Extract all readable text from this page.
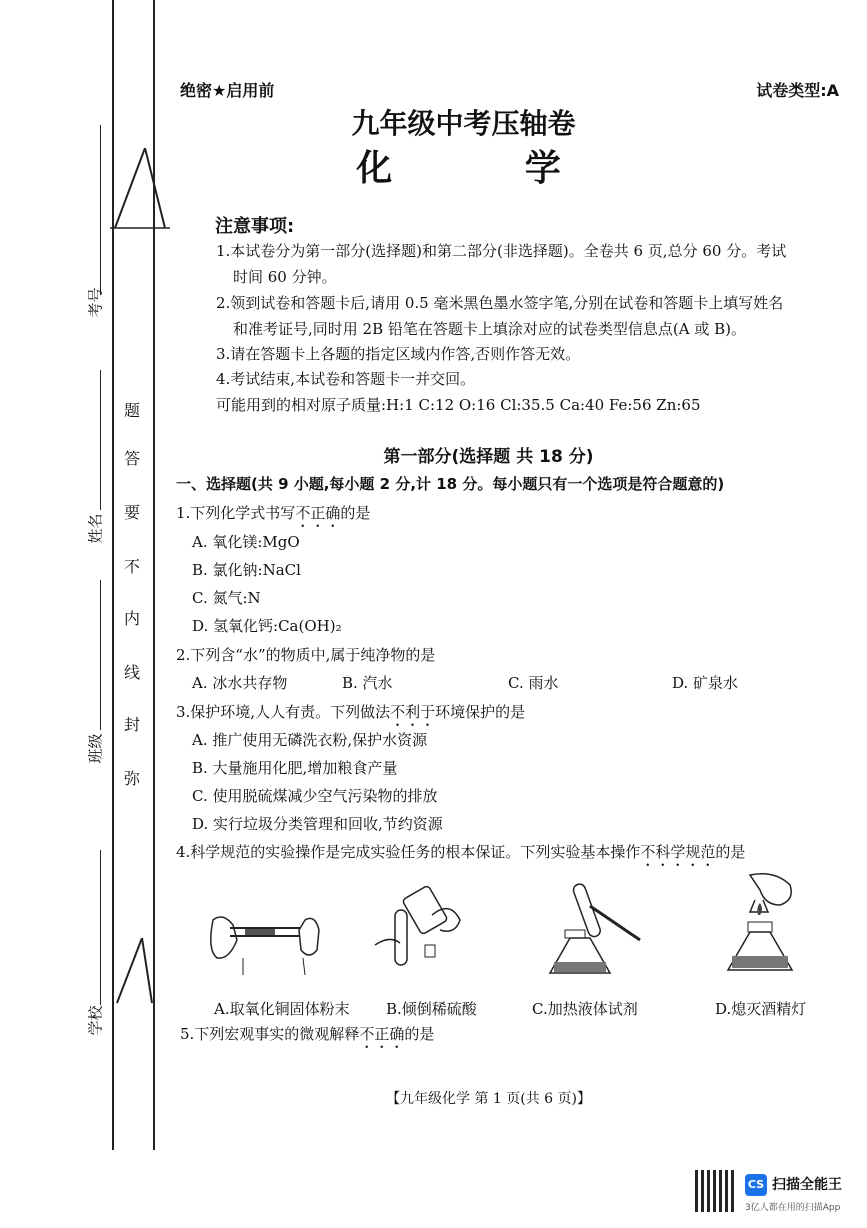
考号
姓名
班级
学校
题
答
要
不
内
线
封
弥
绝密★启用前	试卷类型:A
九年级中考压轴卷
化 学
注意事项:
1.本试卷分为第一部分(选择题)和第二部分(非选择题)。全卷共 6 页,总分 60 分。考试
时间 60 分钟。
2.领到试卷和答题卡后,请用 0.5 毫米黑色墨水签字笔,分别在试卷和答题卡上填写姓名
和准考证号,同时用 2B 铅笔在答题卡上填涂对应的试卷类型信息点(A 或 B)。
3.请在答题卡上各题的指定区域内作答,否则作答无效。
4.考试结束,本试卷和答题卡一并交回。
可能用到的相对原子质量:H:1 C:12 O:16 Cl:35.5 Ca:40 Fe:56 Zn:65
第一部分(选择题 共 18 分)
一、选择题(共 9 小题,每小题 2 分,计 18 分。每小题只有一个选项是符合题意的)
1.下列化学式书写不正确的是
A. 氧化镁:MgO
B. 氯化钠:NaCl
C. 氮气:N
D. 氢氧化钙:Ca(OH)₂
2.下列含“水”的物质中,属于纯净物的是
A. 冰水共存物	B. 汽水	C. 雨水	D. 矿泉水
3.保护环境,人人有责。下列做法不利于环境保护的是
A. 推广使用无磷洗衣粉,保护水资源
B. 大量施用化肥,增加粮食产量
C. 使用脱硫煤减少空气污染物的排放
D. 实行垃圾分类管理和回收,节约资源
4.科学规范的实验操作是完成实验任务的根本保证。下列实验基本操作不科学规范的是
A.取氧化铜固体粉末 B.倾倒稀硫酸	C.加热液体试剂	D.熄灭酒精灯
5.下列宏观事实的微观解释不正确的是
【九年级化学 第 1 页(共 6 页)】
CS 扫描全能王
3亿人都在用的扫描App
